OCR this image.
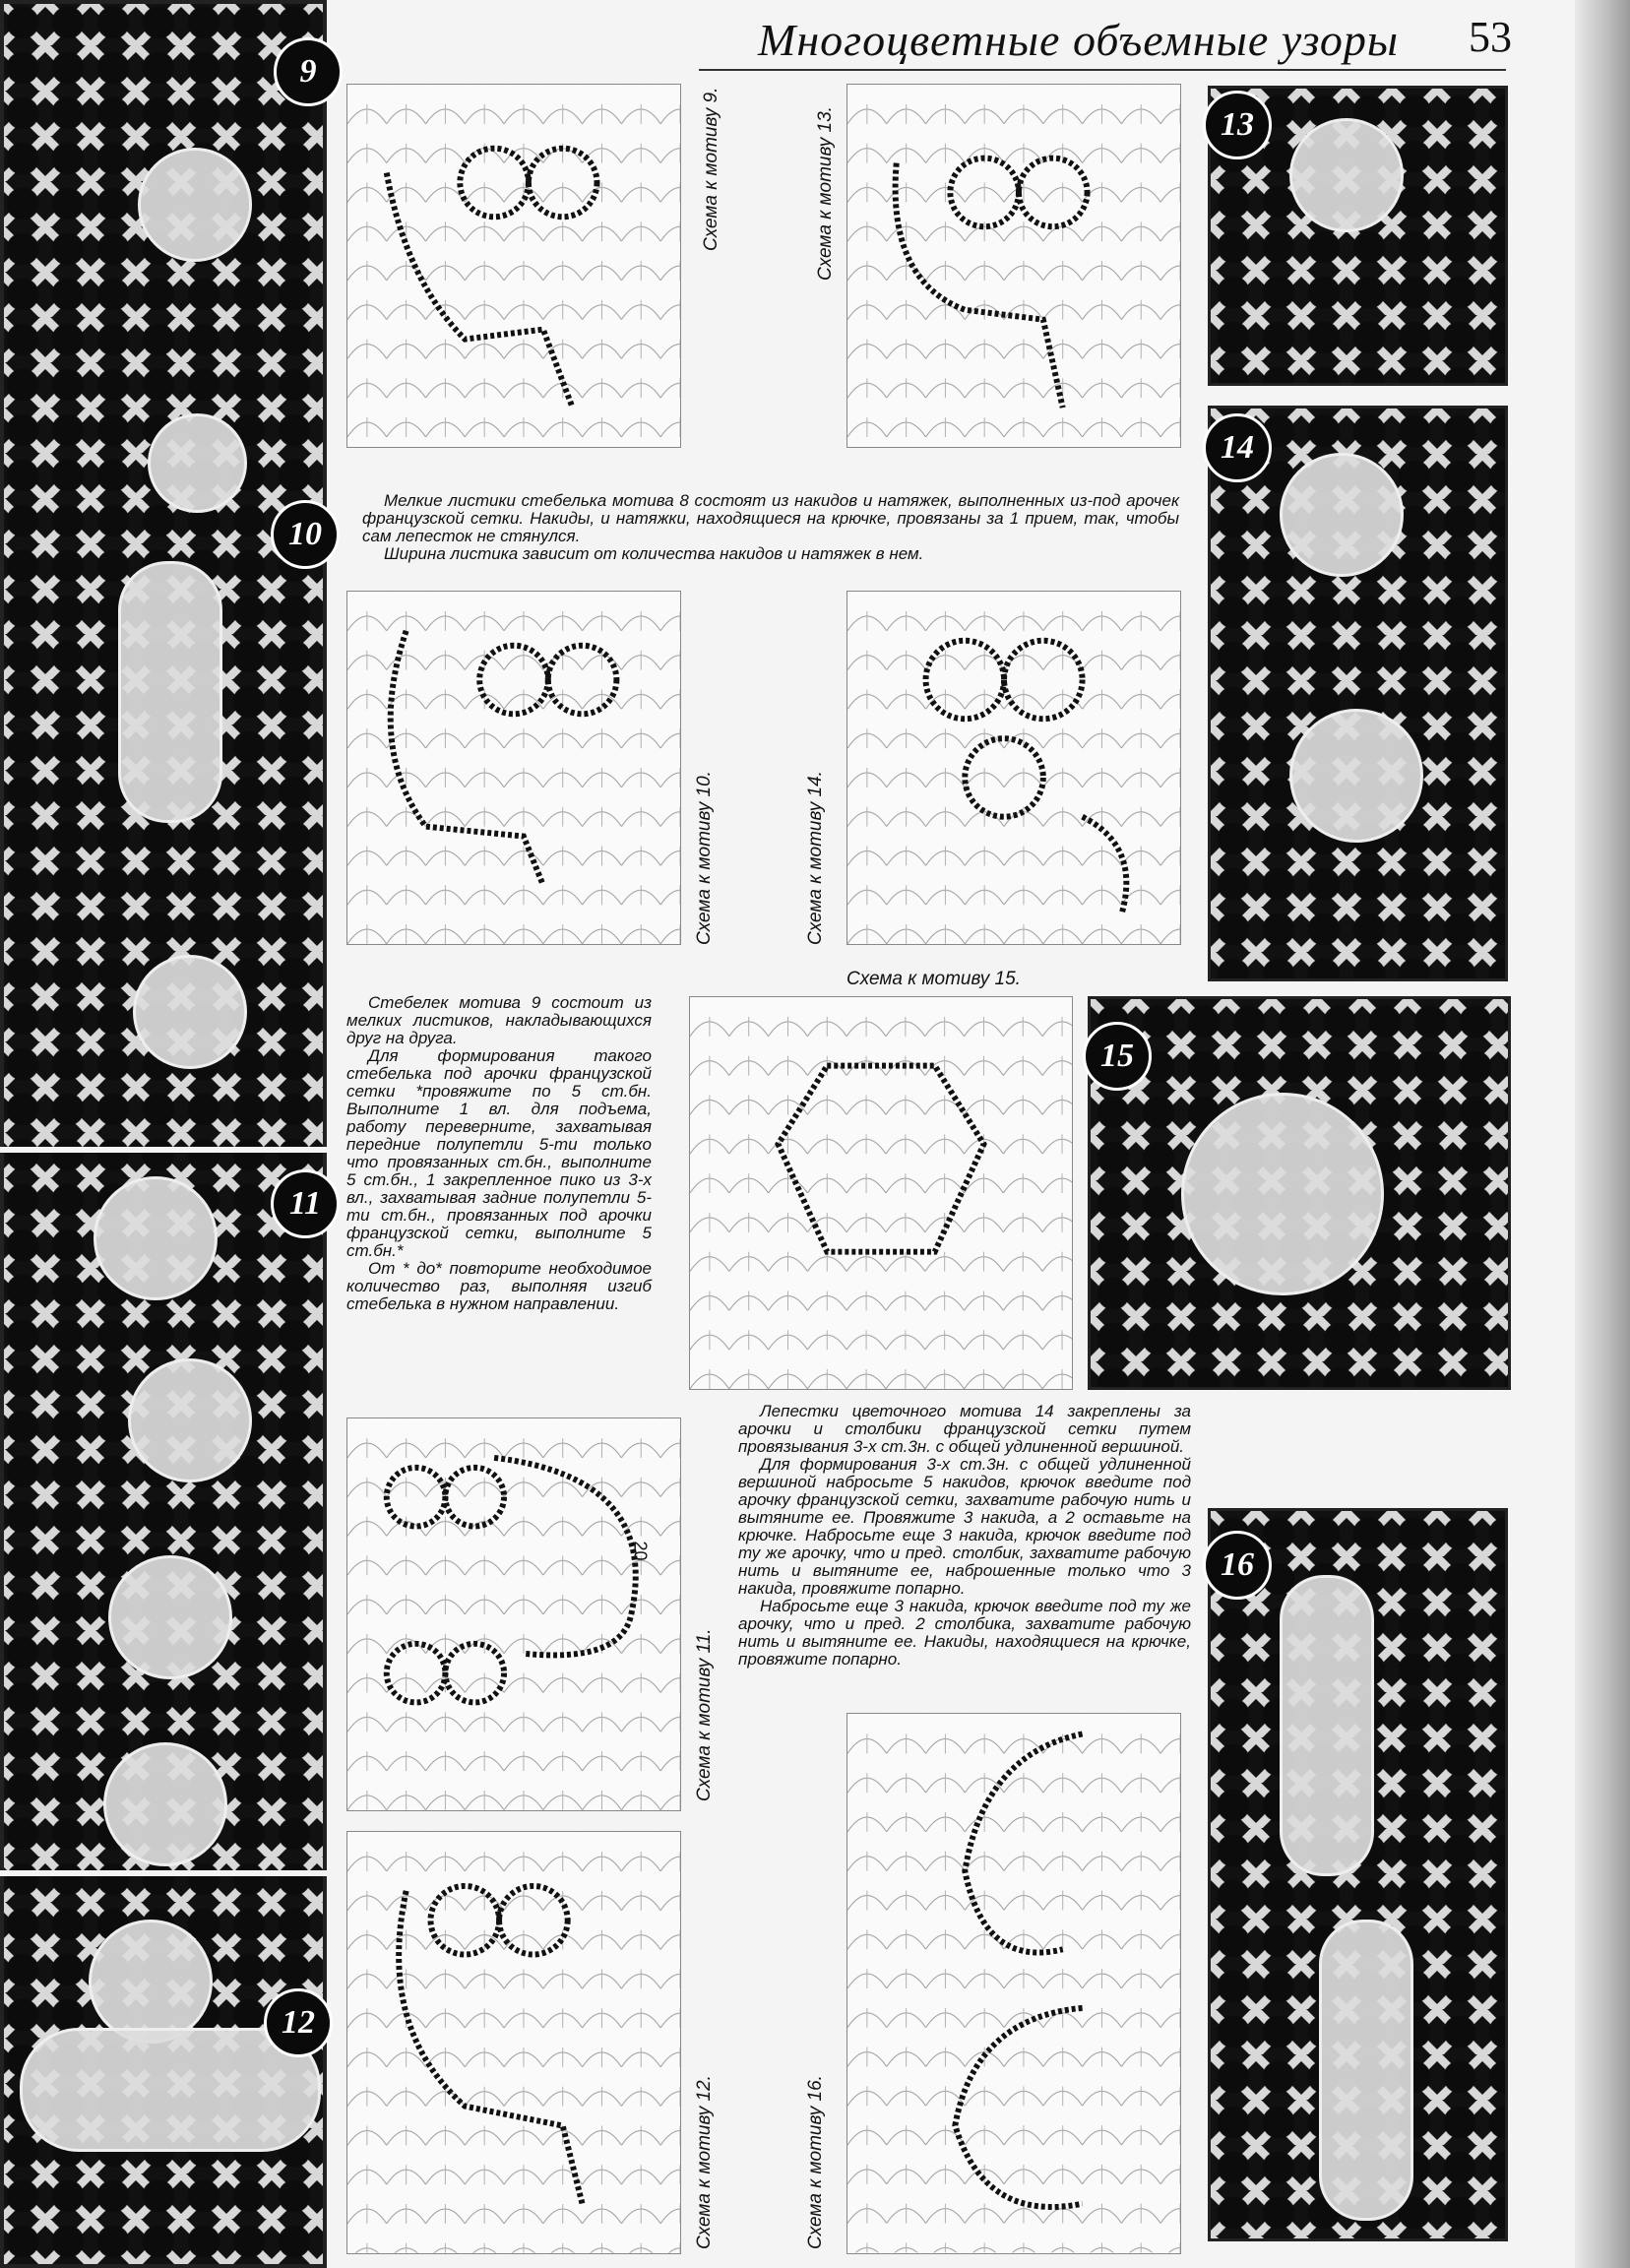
Многоцветные объемные узоры 53
9
10
11
12
13
14
15
16
Схема к мотиву 9.	Схема к мотиву 13.

Мелкие листики стебелька мотива 8 состоят из накидов и натяжек, выполненных из-под арочек французской сетки. Накиды, и натяжки, находящиеся на крючке, провязаны за 1 прием, так, чтобы сам лепесток не стянулся.

Ширина листика зависит от количества накидов и натяжек в нем.

Схема к мотиву 10.	Схема к мотиву 14.
Схема к мотиву 15.

Стебелек мотива 9 состоит из мелких листиков, накладывающихся друг на друга.

Для формирования такого стебелька под арочки французской сетки *провяжите по 5 ст.бн. Выполните 1 вл. для подъема, работу переверните, захватывая передние полупетли 5-ти только что провязанных ст.бн., выполните 5 ст.бн., 1 закрепленное пико из 3-х вл., захватывая задние полупетли 5-ти ст.бн., провязанных под арочки французской сетки, выполните 5 ст.бн.*

От * до* повторите необходимое количество раз, выполняя изгиб стебелька в нужном направлении.

Лепестки цветочного мотива 14 закреплены за арочки и столбики французской сетки путем провязывания 3-х ст.3н. с общей удлиненной вершиной.

Для формирования 3-х ст.3н. с общей удлиненной вершиной набросьте 5 накидов, крючок введите под арочку французской сетки, захватите рабочую нить и вытяните ее. Провяжите 3 накида, а 2 оставьте на крючке. Набросьте еще 3 накида, крючок введите под ту же арочку, что и пред. столбик, захватите рабочую нить и вытяните ее, наброшенные только что 3 накида, провяжите попарно.

Набросьте еще 3 накида, крючок введите под ту же арочку, что и пред. 2 столбика, захватите рабочую нить и вытяните ее. Накиды, находящиеся на крючке, провяжите попарно.

20
Схема к мотиву 11.
Схема к мотиву 16.
Схема к мотиву 12.
